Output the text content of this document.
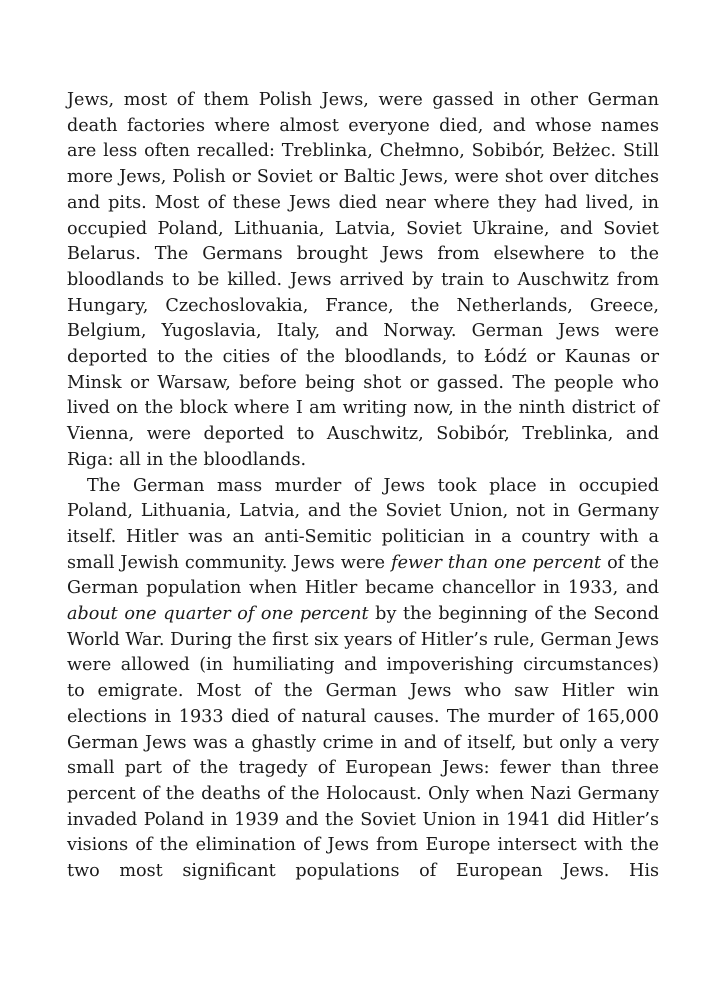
Jews, most of them Polish Jews, were gassed in other German death factories where almost everyone died, and whose names are less often recalled: Treblinka, Chełmno, Sobibór, Bełżec. Still more Jews, Polish or Soviet or Baltic Jews, were shot over ditches and pits. Most of these Jews died near where they had lived, in occupied Poland, Lithuania, Latvia, Soviet Ukraine, and Soviet Belarus. The Germans brought Jews from elsewhere to the bloodlands to be killed. Jews arrived by train to Auschwitz from Hungary, Czechoslovakia, France, the Netherlands, Greece, Belgium, Yugoslavia, Italy, and Norway. German Jews were deported to the cities of the bloodlands, to Łódź or Kaunas or Minsk or Warsaw, before being shot or gassed. The people who lived on the block where I am writing now, in the ninth district of Vienna, were deported to Auschwitz, Sobibór, Treblinka, and Riga: all in the bloodlands.

The German mass murder of Jews took place in occupied Poland, Lithuania, Latvia, and the Soviet Union, not in Germany itself. Hitler was an anti-Semitic politician in a country with a small Jewish community. Jews were fewer than one percent of the German population when Hitler became chancellor in 1933, and about one quarter of one percent by the beginning of the Second World War. During the first six years of Hitler’s rule, German Jews were allowed (in humiliating and impoverishing circumstances) to emigrate. Most of the German Jews who saw Hitler win elections in 1933 died of natural causes. The murder of 165,000 German Jews was a ghastly crime in and of itself, but only a very small part of the tragedy of European Jews: fewer than three percent of the deaths of the Holocaust. Only when Nazi Germany invaded Poland in 1939 and the Soviet Union in 1941 did Hitler’s visions of the elimination of Jews from Europe intersect with the two most significant populations of European Jews. His
